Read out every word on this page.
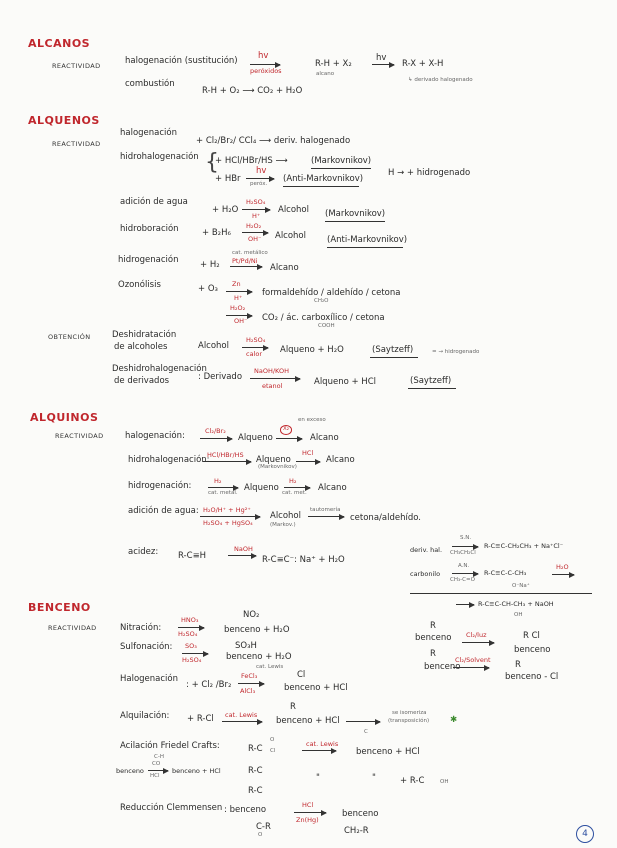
ALCANOS
REACTIVIDAD	halogenación (sustitución) hv
peróxidos
R-H + X₂
hv
R-X + X-H
alcano
↳ derivado halogenado
combustión
R-H + O₂ ⟶ CO₂ + H₂O
ALQUENOS
REACTIVIDAD
halogenación
+ Cl₂/Br₂/ CCl₄ ⟶ deriv. halogenado
hidrohalogenación {
+ HCl/HBr/HS ⟶	(Markovnikov)
+ HBr
hv
peróx. (Anti-Markovnikov)
H → + hidrogenado
adición de agua
+ H₂O
H₂SO₄
H⁺
Alcohol (Markovnikov)
hidroboración	+ B₂H₆
H₂O₂
OH⁻ Alcohol (Anti-Markovnikov)
hidrogenación	+ H₂
cat. metálico
Pt/Pd/Ni
Alcano
Ozonólisis	+ O₃ Zn
H⁺ formaldehído / aldehído / cetona
CH₂O
H₂O₂
OH⁻ CO₂ / ác. carboxílico / cetona
COOH
OBTENCIÓN	Deshidratación
de alcoholes	Alcohol
H₂SO₄
calor Alqueno + H₂O	(Saytzeff)	= → hidrogenado
Deshidrohalogenación
de derivados	: Derivado
NaOH/KOH
etanol	Alqueno + HCl	(Saytzeff)
ALQUINOS
REACTIVIDAD	halogenación:	Cl₂/Br₂
Alqueno
X₂
en exceso
Alcano
hidrohalogenación:
HCl/HBr/HS Alqueno
(Markovnikov)
HCl
Alcano
hidrogenación:	H₂
cat. metal. Alqueno
H₂
cat. met. Alcano
adición de agua: H₂O/H⁺ + Hg²⁺
H₂SO₄ + HgSO₄
Alcohol
(Markov.)
tautomería
cetona/aldehído.
acidez: R-C≡H
NaOH
R-C≡C⁻: Na⁺ + H₂O
deriv. hal.
S.N.
CH₃CH₂Cl
R-C≡C-CH₂CH₃ + Na⁺Cl⁻
carbonilo
A.N.
CH₃-C=O
R-C≡C-C-CH₃
H₂O
O⁻Na⁺
R-C≡C-CH-CH₃ + NaOH
OH
BENCENO
REACTIVIDAD	Nitración:
HNO₃
H₂SO₄
NO₂
benceno + H₂O
Sulfonación: SO₃
H₂SO₄
SO₃H
benceno + H₂O
Halogenación
: + Cl₂ /Br₂
cat. Lewis
FeCl₃
AlCl₃
Cl
benceno + HCl
Alquilación: + R-Cl cat. Lewis
R
benceno + HCl
se isomeriza
(transposición) ✱
Acilación Friedel Crafts:	R-C
O
Cl
cat. Lewis
C
benceno + HCl
C-H
benceno
CO
HCl
benceno + HCl	R-C
R-C
"	"	+ R-C	OH
Reducción Clemmensen : benceno	HCl
Zn(Hg)
benceno
C-R
O	CH₂-R
R
benceno Cl₂/luz	R Cl
benceno
R
benceno
Cl₂/Solvent	R
benceno - Cl
4
